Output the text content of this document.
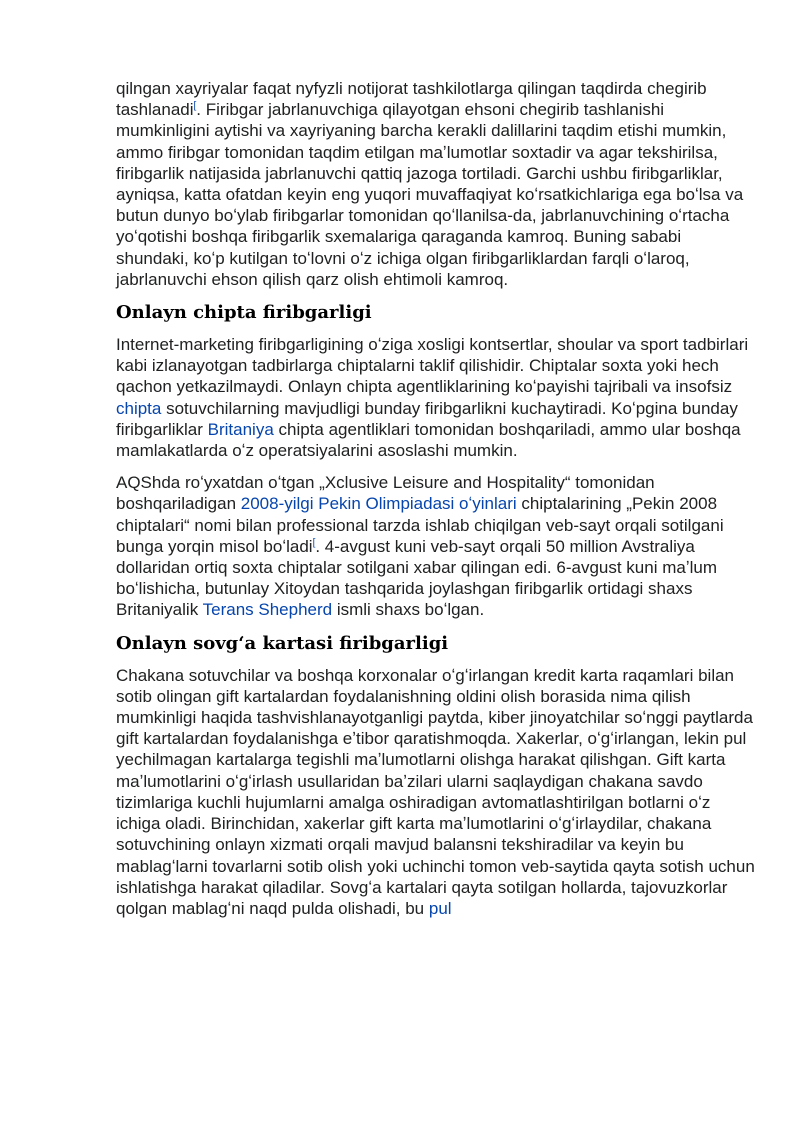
qilngan xayriyalar faqat nyfyzli notijorat tashkilotlarga qilingan taqdirda chegirib tashlanadi[. Firibgar jabrlanuvchiga qilayotgan ehsoni chegirib tashlanishi mumkinligini aytishi va xayriyaning barcha kerakli dalillarini taqdim etishi mumkin, ammo firibgar tomonidan taqdim etilgan maʼlumotlar soxtadir va agar tekshirilsa, firibgarlik natijasida jabrlanuvchi qattiq jazoga tortiladi. Garchi ushbu firibgarliklar, ayniqsa, katta ofatdan keyin eng yuqori muvaffaqiyat koʻrsatkichlariga ega boʻlsa va butun dunyo boʻylab firibgarlar tomonidan qoʻllanilsa-da, jabrlanuvchining oʻrtacha yoʻqotishi boshqa firibgarlik sxemalariga qaraganda kamroq. Buning sababi shundaki, koʻp kutilgan toʻlovni oʻz ichiga olgan firibgarliklardan farqli oʻlaroq, jabrlanuvchi ehson qilish qarz olish ehtimoli kamroq.

Onlayn chipta firibgarligi

Internet-marketing firibgarligining oʻziga xosligi kontsertlar, shoular va sport tadbirlari kabi izlanayotgan tadbirlarga chiptalarni taklif qilishidir. Chiptalar soxta yoki hech qachon yetkazilmaydi. Onlayn chipta agentliklarining koʻpayishi tajribali va insofsiz chipta sotuvchilarning mavjudligi bunday firibgarlikni kuchaytiradi. Koʻpgina bunday firibgarliklar Britaniya chipta agentliklari tomonidan boshqariladi, ammo ular boshqa mamlakatlarda oʻz operatsiyalarini asoslashi mumkin.

AQShda roʻyxatdan oʻtgan „Xclusive Leisure and Hospitality“ tomonidan boshqariladigan 2008-yilgi Pekin Olimpiadasi oʻyinlari chiptalarining „Pekin 2008 chiptalari“ nomi bilan professional tarzda ishlab chiqilgan veb-sayt orqali sotilgani bunga yorqin misol boʻladi[. 4-avgust kuni veb-sayt orqali 50 million Avstraliya dollaridan ortiq soxta chiptalar sotilgani xabar qilingan edi. 6-avgust kuni maʼlum boʻlishicha, butunlay Xitoydan tashqarida joylashgan firibgarlik ortidagi shaxs Britaniyalik Terans Shepherd ismli shaxs boʻlgan.

Onlayn sovgʻa kartasi firibgarligi

Chakana sotuvchilar va boshqa korxonalar oʻgʻirlangan kredit karta raqamlari bilan sotib olingan gift kartalardan foydalanishning oldini olish borasida nima qilish mumkinligi haqida tashvishlanayotganligi paytda, kiber jinoyatchilar soʻnggi paytlarda gift kartalardan foydalanishga eʼtibor qaratishmoqda. Xakerlar, oʻgʻirlangan, lekin pul yechilmagan kartalarga tegishli maʼlumotlarni olishga harakat qilishgan. Gift karta maʼlumotlarini oʻgʻirlash usullaridan baʼzilari ularni saqlaydigan chakana savdo tizimlariga kuchli hujumlarni amalga oshiradigan avtomatlashtirilgan botlarni oʻz ichiga oladi. Birinchidan, xakerlar gift karta maʼlumotlarini oʻgʻirlaydilar, chakana sotuvchining onlayn xizmati orqali mavjud balansni tekshiradilar va keyin bu mablagʻlarni tovarlarni sotib olish yoki uchinchi tomon veb-saytida qayta sotish uchun ishlatishga harakat qiladilar. Sovgʻa kartalari qayta sotilgan hollarda, tajovuzkorlar qolgan mablagʻni naqd pulda olishadi, bu pul
